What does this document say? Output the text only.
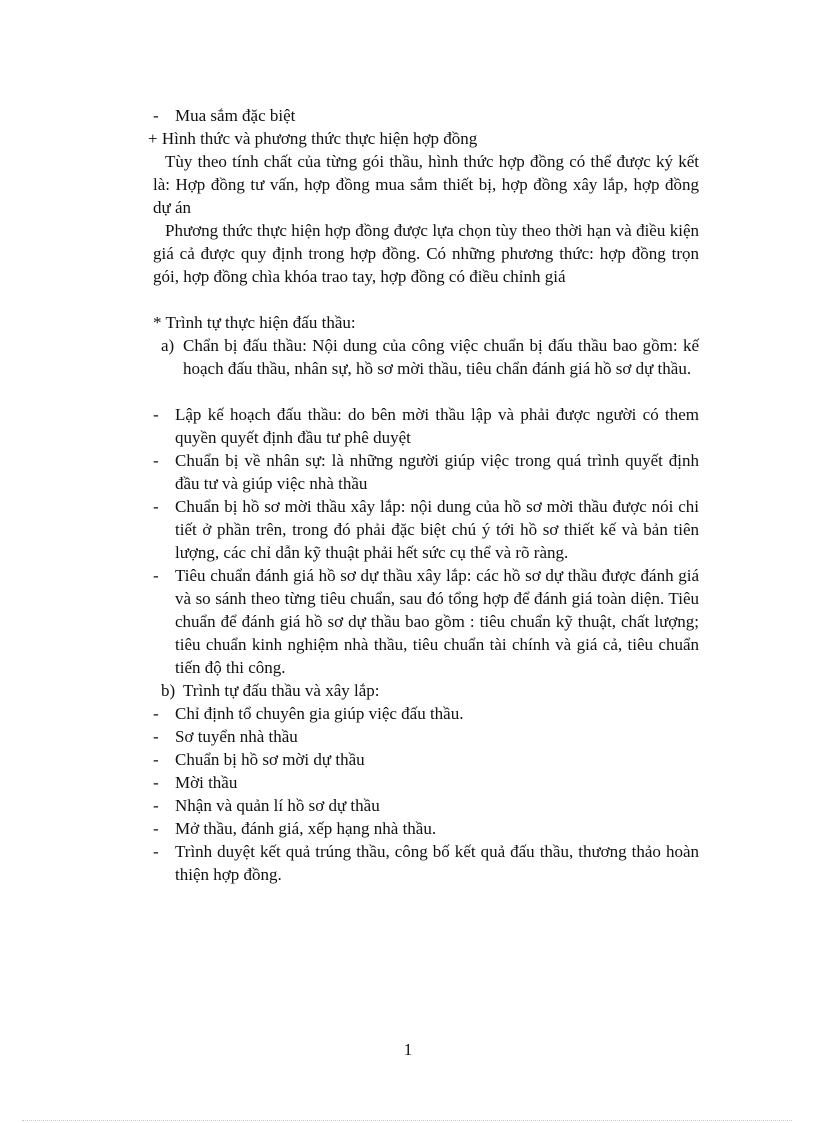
- Mua sắm đặc biệt
+ Hình thức và phương thức thực hiện hợp đồng
Tùy theo tính chất của từng gói thầu, hình thức hợp đồng có thể được ký kết là: Hợp đồng tư vấn, hợp đồng mua sắm thiết bị, hợp đồng xây lắp, hợp đồng dự án
Phương thức thực hiện hợp đồng được lựa chọn tùy theo thời hạn và điều kiện giá cả được quy định trong hợp đồng. Có những phương thức: hợp đồng trọn gói, hợp đồng chìa khóa trao tay, hợp đồng có điều chỉnh giá
* Trình tự thực hiện đấu thầu:
a) Chẩn bị đấu thầu: Nội dung của công việc chuẩn bị đấu thầu bao gồm: kế hoạch đấu thầu, nhân sự, hồ sơ mời thầu, tiêu chẩn đánh giá hồ sơ dự thầu.
- Lập kế hoạch đấu thầu: do bên mời thầu lập và phải được người có them quyền quyết định đầu tư phê duyệt
- Chuẩn bị về nhân sự: là những người giúp việc trong quá trình quyết định đầu tư và giúp việc nhà thầu
- Chuẩn bị hồ sơ mời thầu xây lắp: nội dung của hồ sơ mời thầu được nói chi tiết ở phần trên, trong đó phải đặc biệt chú ý tới hồ sơ thiết kế và bản tiên lượng, các chỉ dẫn kỹ thuật phải hết sức cụ thể và rõ ràng.
- Tiêu chuẩn đánh giá hồ sơ dự thầu xây lắp: các hồ sơ dự thầu được đánh giá và so sánh theo từng tiêu chuẩn, sau đó tổng hợp để đánh giá toàn diện. Tiêu chuẩn để đánh giá hồ sơ dự thầu bao gồm : tiêu chuẩn kỹ thuật, chất lượng; tiêu chuẩn kinh nghiệm nhà thầu, tiêu chuẩn tài chính và giá cả, tiêu chuẩn tiến độ thi công.
b) Trình tự đấu thầu và xây lắp:
- Chỉ định tổ chuyên gia giúp việc đấu thầu.
- Sơ tuyển nhà thầu
- Chuẩn bị hồ sơ mời dự thầu
- Mời thầu
- Nhận và quản lí hồ sơ dự thầu
- Mở thầu, đánh giá, xếp hạng nhà thầu.
- Trình duyệt kết quả trúng thầu, công bố kết quả đấu thầu, thương thảo hoàn thiện hợp đồng.
1
